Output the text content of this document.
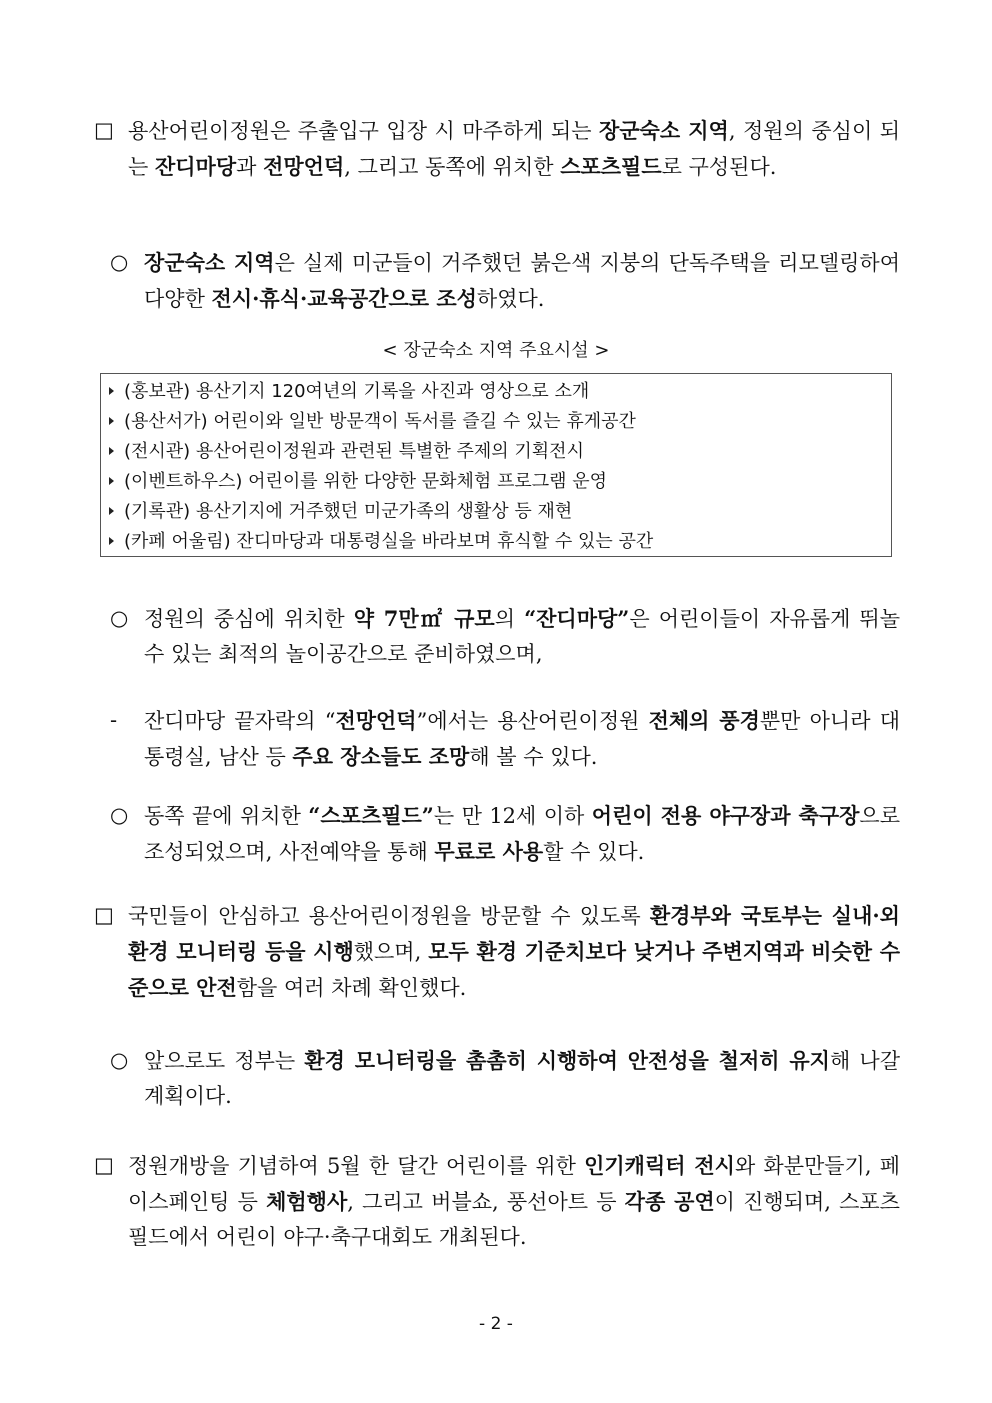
□ 용산어린이정원은 주출입구 입장 시 마주하게 되는 장군숙소 지역, 정원의 중심이 되는 잔디마당과 전망언덕, 그리고 동쪽에 위치한 스포츠필드로 구성된다.
○ 장군숙소 지역은 실제 미군들이 거주했던 붉은색 지붕의 단독주택을 리모델링하여 다양한 전시·휴식·교육공간으로 조성하였다.
< 장군숙소 지역 주요시설 >
(홍보관) 용산기지 120여년의 기록을 사진과 영상으로 소개
(용산서가) 어린이와 일반 방문객이 독서를 즐길 수 있는 휴게공간
(전시관) 용산어린이정원과 관련된 특별한 주제의 기획전시
(이벤트하우스) 어린이를 위한 다양한 문화체험 프로그램 운영
(기록관) 용산기지에 거주했던 미군가족의 생활상 등 재현
(카페 어울림) 잔디마당과 대통령실을 바라보며 휴식할 수 있는 공간
○ 정원의 중심에 위치한 약 7만㎡ 규모의 “잔디마당”은 어린이들이 자유롭게 뛰놀 수 있는 최적의 놀이공간으로 준비하였으며,
-	잔디마당 끝자락의 “전망언덕”에서는 용산어린이정원 전체의 풍경뿐만 아니라 대통령실, 남산 등 주요 장소들도 조망해 볼 수 있다.
○ 동쪽 끝에 위치한 “스포츠필드”는 만 12세 이하 어린이 전용 야구장과 축구장으로 조성되었으며, 사전예약을 통해 무료로 사용할 수 있다.
□ 국민들이 안심하고 용산어린이정원을 방문할 수 있도록 환경부와 국토부는 실내·외 환경 모니터링 등을 시행했으며, 모두 환경 기준치보다 낮거나 주변지역과 비슷한 수준으로 안전함을 여러 차례 확인했다.
○ 앞으로도 정부는 환경 모니터링을 촘촘히 시행하여 안전성을 철저히 유지해 나갈 계획이다.
□ 정원개방을 기념하여 5월 한 달간 어린이를 위한 인기캐릭터 전시와 화분만들기, 페이스페인팅 등 체험행사, 그리고 버블쇼, 풍선아트 등 각종 공연이 진행되며, 스포츠필드에서 어린이 야구·축구대회도 개최된다.
- 2 -
